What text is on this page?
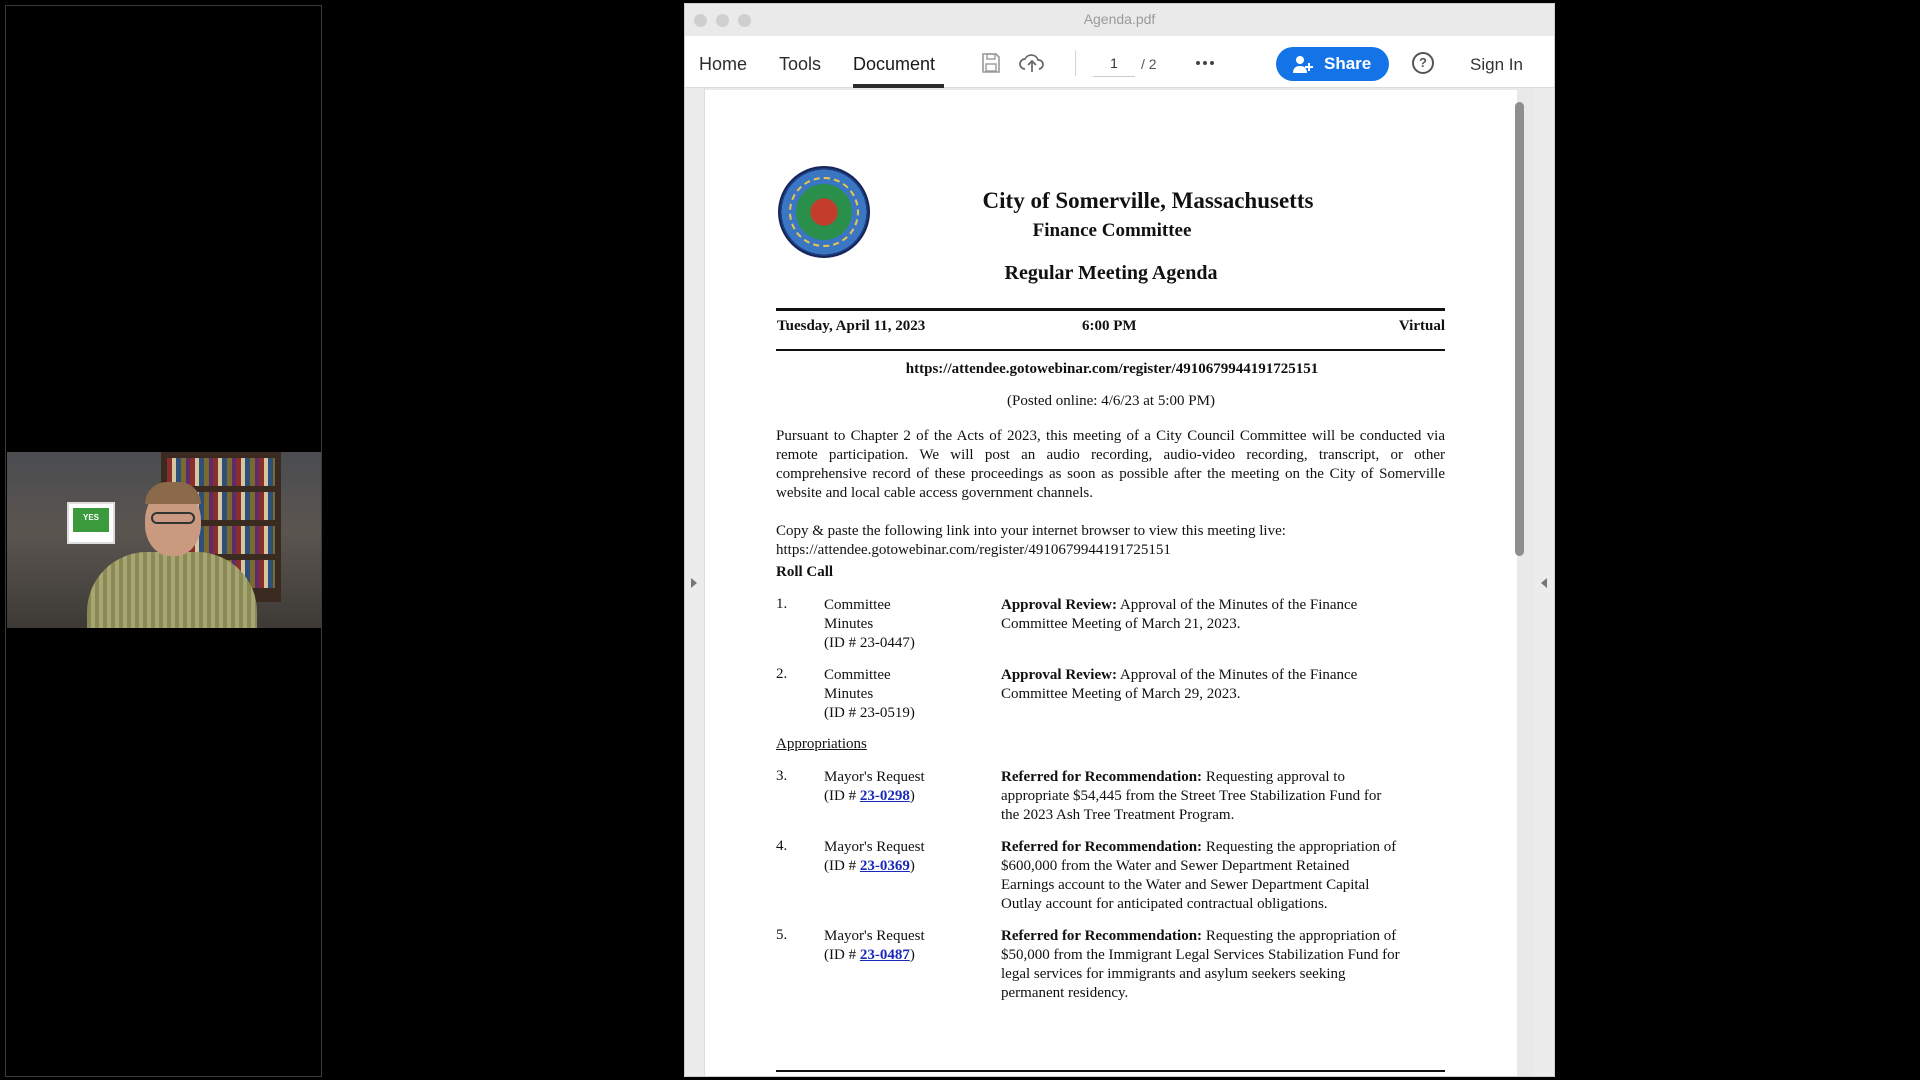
YES
Agenda.pdf
Home Tools Document	1	/ 2	Share	?	Sign In
City of Somerville, Massachusetts
Finance Committee
Regular Meeting Agenda
Tuesday, April 11, 2023	6:00 PM	Virtual
https://attendee.gotowebinar.com/register/4910679944191725151
(Posted online: 4/6/23 at 5:00 PM)
Pursuant to Chapter 2 of the Acts of 2023, this meeting of a City Council Committee will be conducted via remote participation. We will post an audio recording, audio-video recording, transcript, or other comprehensive record of these proceedings as soon as possible after the meeting on the City of Somerville website and local cable access government channels.
Copy & paste the following link into your internet browser to view this meeting live:
https://attendee.gotowebinar.com/register/4910679944191725151
Roll Call
1. Committee
Minutes
(ID # 23-0447)
Approval Review: Approval of the Minutes of the Finance Committee Meeting of March 21, 2023.
2. Committee
Minutes
(ID # 23-0519)
Approval Review: Approval of the Minutes of the Finance Committee Meeting of March 29, 2023.
Appropriations
3. Mayor's Request
(ID # 23-0298)
Referred for Recommendation: Requesting approval to appropriate $54,445 from the Street Tree Stabilization Fund for the 2023 Ash Tree Treatment Program.
4. Mayor's Request
(ID # 23-0369)
Referred for Recommendation: Requesting the appropriation of $600,000 from the Water and Sewer Department Retained Earnings account to the Water and Sewer Department Capital Outlay account for anticipated contractual obligations.
5. Mayor's Request
(ID # 23-0487)
Referred for Recommendation: Requesting the appropriation of $50,000 from the Immigrant Legal Services Stabilization Fund for legal services for immigrants and asylum seekers seeking permanent residency.
